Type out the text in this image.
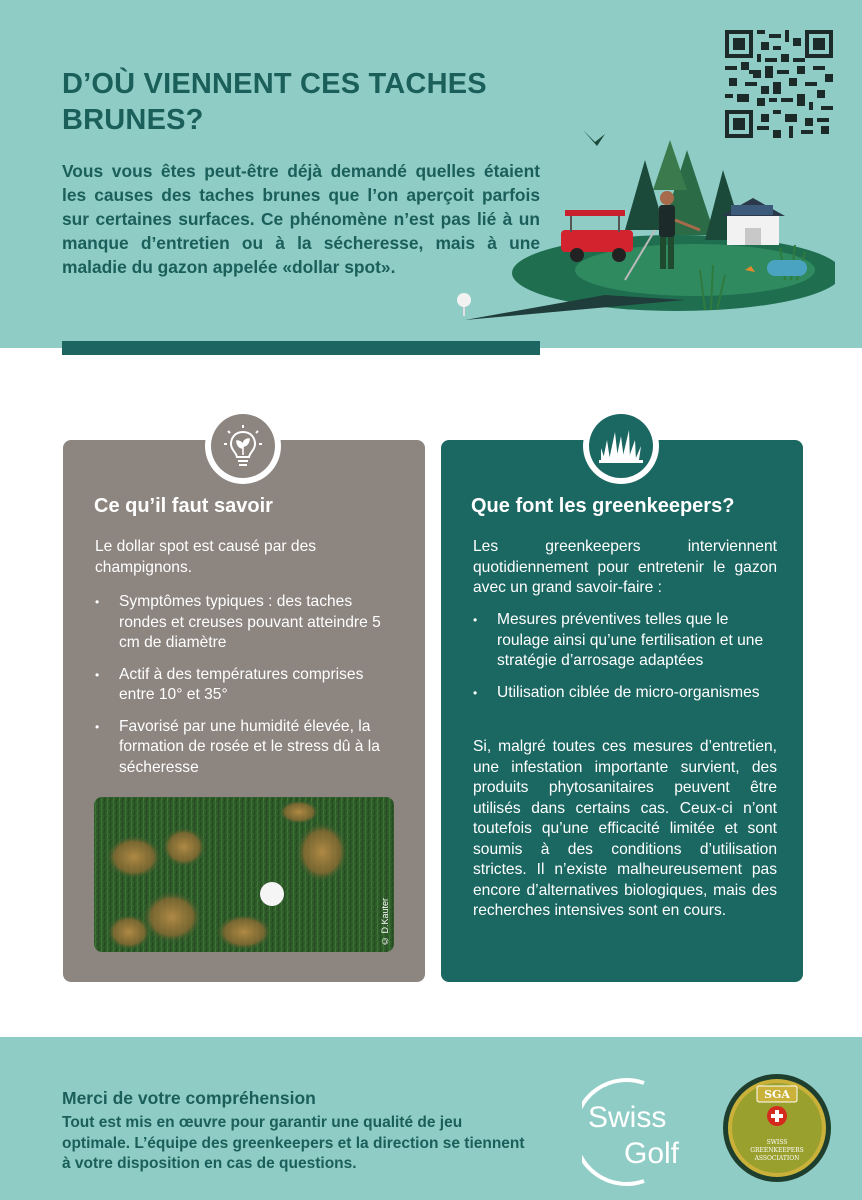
D’OÙ VIENNENT CES TACHES
BRUNES?

Vous vous êtes peut-être déjà demandé quelles étaient les causes des taches brunes que l’on aperçoit parfois sur certaines surfaces. Ce phénomène n’est pas lié à un manque d’entretien ou à la sécheresse, mais à une maladie du gazon appelée «dollar spot».

Ce qu’il faut savoir

Le dollar spot est causé par des champignons.

• Symptômes typiques : des taches rondes et creuses pouvant atteindre 5 cm de diamètre
• Actif à des températures comprises entre 10° et 35°
• Favorisé par une humidité élevée, la formation de rosée et le stress dû à la sécheresse
© D.Kauter
Que font les greenkeepers?

Les greenkeepers interviennent quotidiennement pour entretenir le gazon avec un grand savoir-faire :

• Mesures préventives telles que le roulage ainsi qu’une fertilisation et une stratégie d’arrosage adaptées
• Utilisation ciblée de micro-organismes

Si, malgré toutes ces mesures d’entretien, une infestation importante survient, des produits phytosanitaires peuvent être utilisés dans certains cas. Ceux-ci n’ont toutefois qu’une efficacité limitée et sont soumis à des conditions d’utilisation strictes. Il n’existe malheureusement pas encore d’alternatives biologiques, mais des recherches intensives sont en cours.

Merci de votre compréhension

Tout est mis en œuvre pour garantir une qualité de jeu optimale. L’équipe des greenkeepers et la direction se tiennent à votre disposition en cas de questions.

Swiss
Golf
SGA
SWISS
GREENKEEPERS
ASSOCIATION
